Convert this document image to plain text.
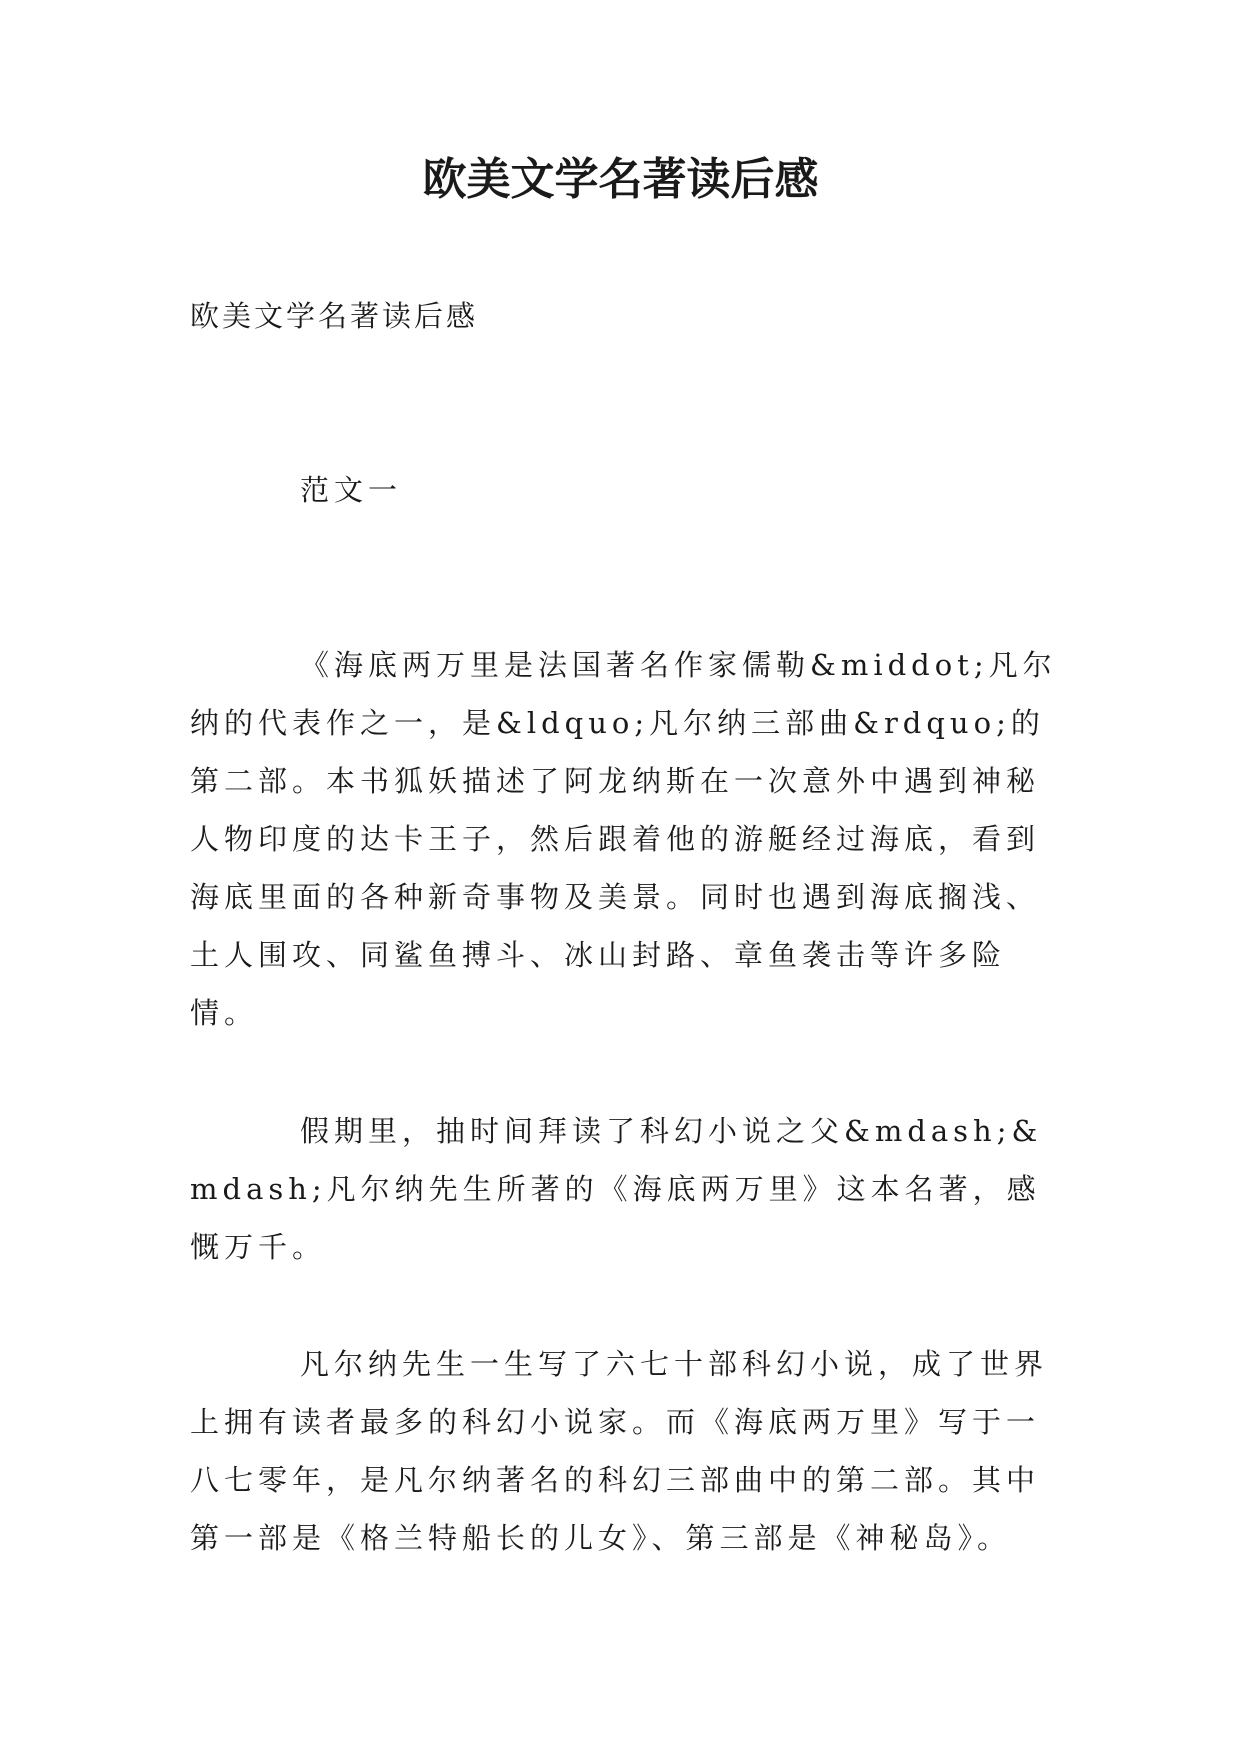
欧美文学名著读后感

欧美文学名著读后感

范文一

《海底两万里是法国著名作家儒勒&middot;凡尔纳的代表作之一，是&ldquo;凡尔纳三部曲&rdquo;的第二部。本书狐妖描述了阿龙纳斯在一次意外中遇到神秘人物印度的达卡王子，然后跟着他的游艇经过海底，看到海底里面的各种新奇事物及美景。同时也遇到海底搁浅、土人围攻、同鲨鱼搏斗、冰山封路、章鱼袭击等许多险情。

假期里，抽时间拜读了科幻小说之父&mdash;&mdash;凡尔纳先生所著的《海底两万里》这本名著，感慨万千。

凡尔纳先生一生写了六七十部科幻小说，成了世界上拥有读者最多的科幻小说家。而《海底两万里》写于一八七零年，是凡尔纳著名的科幻三部曲中的第二部。其中第一部是《格兰特船长的儿女》、第三部是《神秘岛》。
